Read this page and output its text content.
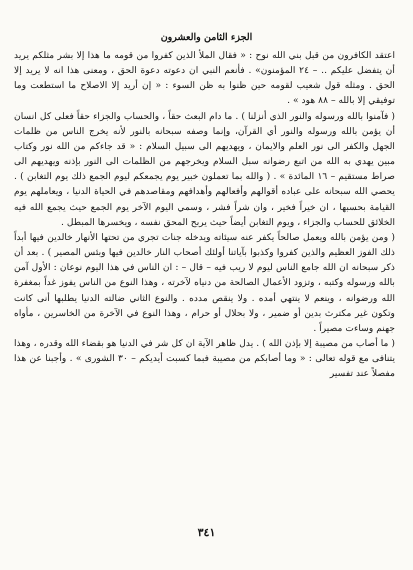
الجزء الثامن والعشرون

اعتقد الكافرون من قبل بني الله نوح : « فقال الملأ الذين كفروا من قومه ما هذا إلا بشر مثلكم يريد أن يتفضل عليكم .. – ٢٤ المؤمنون» . فأنعم النبي ان دعوته دعوة الحق ، ومعنى هذا انه لا يريد إلا الحق . ومثله قول شعيب لقومه حين ظنوا به ظن السوء : « إن أريد إلا الاصلاح ما استطعت وما توفيقي إلا بالله – ٨٨ هود » .

( فآمنوا بالله ورسوله والنور الذي أنزلنا ) . ما دام البعث حقاً ، والحساب والجزاء حقاً فعلى كل انسان أن يؤمن بالله ورسوله والنور أي القرآن، وإنما وصفه سبحانه بالنور لأنه يخرج الناس من ظلمات الجهل والكفر الى نور العلم والايمان ، ويهديهم الى سبيل السلام : « قد جاءكم من الله نور وكتاب مبين يهدي به الله من اتبع رضوانه سبل السلام ويخرجهم من الظلمات الى النور بإذنه ويهديهم الى صراط مستقيم – ١٦ المائدة » . ( والله بما تعملون خبير يوم يجمعكم ليوم الجمع ذلك يوم التغابن ) . يحصي الله سبحانه على عباده أقوالهم وأفعالهم وأهدافهم ومقاصدهم في الحياة الدنيا ، ويعاملهم يوم القيامة بحسبها ، ان خيراً فخير ، وان شراً فشر ، وسمي اليوم الآخر يوم الجمع حيث يجمع الله فيه الخلائق للحساب والجزاء ، ويوم التغابن أيضاً حيث يربح المحق نفسه ، ويخسرها المبطل .

( ومن يؤمن بالله ويعمل صالحاً يكفر عنه سيئاته ويدخله جنات تجري من تحتها الأنهار خالدين فيها أبداً ذلك الفوز العظيم والذين كفروا وكذبوا بآياتنا أولئك أصحاب النار خالدين فيها وبئس المصير ) . بعد أن ذكر سبحانه ان الله جامع الناس ليوم لا ريب فيه – قال – : ان الناس في هذا اليوم نوعان : الأول آمن بالله ورسوله وكتبه ، وتزود الأعمال الصالحة من دنياه لآخرته ، وهذا النوع من الناس يفوز غداً بمغفرة الله ورضوانه ، وينعم لا ينتهي أمده . ولا ينقص مدده . والنوع الثاني ضالته الدنيا يطلبها أنى كانت وتكون غير مكترث بدين أو ضمير ، ولا بحلال أو حرام ، وهذا النوع في الآخرة من الخاسرين ، مأواه جهنم وساءت مصيراً .

( ما أصاب من مصيبة إلا بإذن الله ) . يدل ظاهر الآية ان كل شر في الدنيا هو بقضاء الله وقدره ، وهذا يتنافى مع قوله تعالى : « وما أصابكم من مصيبة فبما كسبت أيديكم – ٣٠ الشورى » . وأجبنا عن هذا مفصلاً عند تفسير

٣٤١
